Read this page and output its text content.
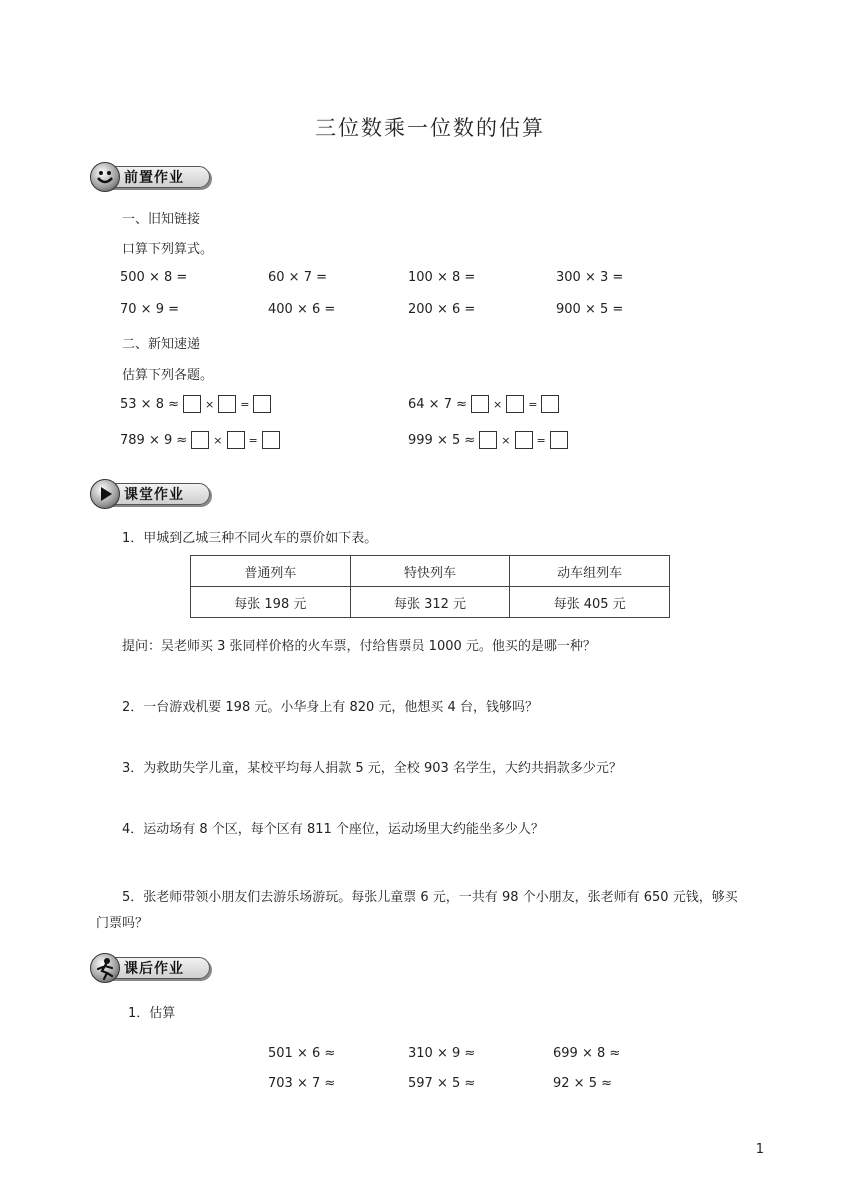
三位数乘一位数的估算
前置作业
一、旧知链接
口算下列算式。
500 × 8 =	60 × 7 =	100 × 8 =	300 × 3 =
70 × 9 =	400 × 6 =	200 × 6 =	900 × 5 =
二、新知速递
估算下列各题。
53 × 8 ≈ × =	64 × 7 ≈ × =
789 × 9 ≈ × =	999 × 5 ≈ × =
课堂作业
1．甲城到乙城三种不同火车的票价如下表。
普通列车	特快列车	动车组列车
每张 198 元	每张 312 元	每张 405 元
提问：吴老师买 3 张同样价格的火车票，付给售票员 1000 元。他买的是哪一种？
2．一台游戏机要 198 元。小华身上有 820 元，他想买 4 台，钱够吗？
3．为救助失学儿童，某校平均每人捐款 5 元，全校 903 名学生，大约共捐款多少元？
4．运动场有 8 个区，每个区有 811 个座位，运动场里大约能坐多少人？
5．张老师带领小朋友们去游乐场游玩。每张儿童票 6 元，一共有 98 个小朋友，张老师有 650 元钱，够买
门票吗？
课后作业
1．估算
501 × 6 ≈	310 × 9 ≈	699 × 8 ≈
703 × 7 ≈	597 × 5 ≈	92 × 5 ≈
1
